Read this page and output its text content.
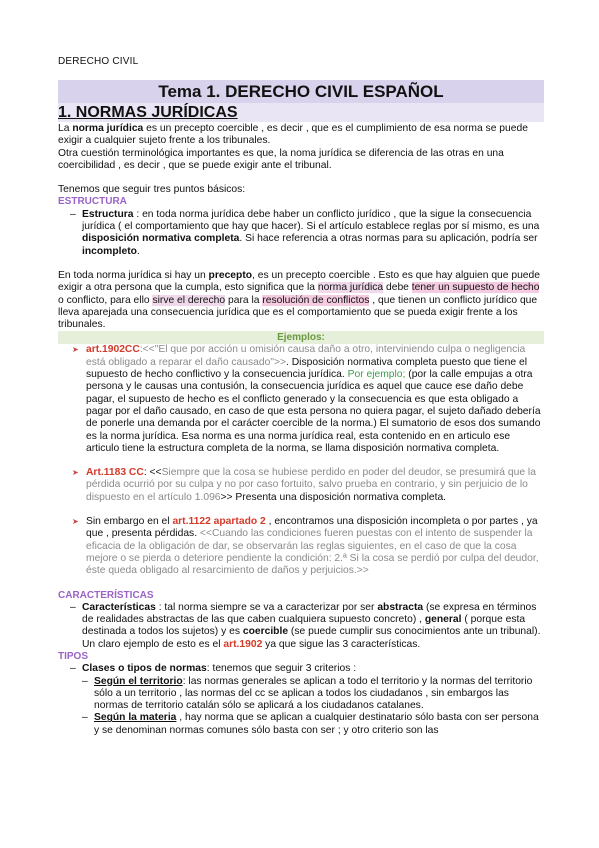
DERECHO CIVIL
Tema 1. DERECHO CIVIL ESPAÑOL
1. NORMAS JURÍDICAS

La norma jurídica es un precepto coercible , es decir , que es el cumplimiento de esa norma se puede exigir a cualquier sujeto frente a los tribunales.

Otra cuestión terminológica importantes es que, la noma jurídica se diferencia de las otras en una coercibilidad , es decir , que se puede exigir ante el tribunal.

Tenemos que seguir tres puntos básicos:

ESTRUCTURA
– Estructura : en toda norma jurídica debe haber un conflicto jurídico , que la sigue la consecuencia jurídica ( el comportamiento que hay que hacer). Si el artículo establece reglas por sí mismo, es una disposición normativa completa. Si hace referencia a otras normas para su aplicación, podría ser incompleto.

En toda norma jurídica si hay un precepto, es un precepto coercible . Esto es que hay alguien que puede exigir a otra persona que la cumpla, esto significa que la norma jurídica debe tener un supuesto de hecho o conflicto, para ello sirve el derecho para la resolución de conflictos , que tienen un conflicto jurídico que lleva aparejada una consecuencia jurídica que es el comportamiento que se pueda exigir frente a los tribunales.

Ejemplos:
➤ art.1902CC:<<"El que por acción u omisión causa daño a otro, interviniendo culpa o negligencia está obligado a reparar el daño causado">>. Disposición normativa completa puesto que tiene el supuesto de hecho conflictivo y la consecuencia jurídica. Por ejemplo; (por la calle empujas a otra persona y le causas una contusión, la consecuencia jurídica es aquel que cauce ese daño debe pagar, el supuesto de hecho es el conflicto generado y la consecuencia es que esta obligado a pagar por el daño causado, en caso de que esta persona no quiera pagar, el sujeto dañado debería de ponerle una demanda por el carácter coercible de la norma.) El sumatorio de esos dos sumando es la norma jurídica. Esa norma es una norma jurídica real, esta contenido en en articulo ese articulo tiene la estructura completa de la norma, se llama disposición normativa completa.
➤ Art.1183 CC: <<Siempre que la cosa se hubiese perdido en poder del deudor, se presumirá que la pérdida ocurrió por su culpa y no por caso fortuito, salvo prueba en contrario, y sin perjuicio de lo dispuesto en el artículo 1.096>> Presenta una disposición normativa completa.
➤ Sin embargo en el art.1122 apartado 2 , encontramos una disposición incompleta o por partes , ya que , presenta pérdidas. <<Cuando las condiciones fueren puestas con el intento de suspender la eficacia de la obligación de dar, se observarán las reglas siguientes, en el caso de que la cosa mejore o se pierda o deteriore pendiente la condición: 2.ª Si la cosa se perdió por culpa del deudor, éste queda obligado al resarcimiento de daños y perjuicios.>>
CARACTERÍSTICAS
– Características : tal norma siempre se va a caracterizar por ser abstracta (se expresa en términos de realidades abstractas de las que caben cualquiera supuesto concreto) , general ( porque esta destinada a todos los sujetos) y es coercible (se puede cumplir sus conocimientos ante un tribunal). Un claro ejemplo de esto es el art.1902 ya que sigue las 3 características.
TIPOS
– Clases o tipos de normas: tenemos que seguir 3 criterios :
– Según el territorio: las normas generales se aplican a todo el territorio y la normas del territorio sólo a un territorio , las normas del cc se aplican a todos los ciudadanos , sin embargos las normas de territorio catalán sólo se aplicará a los ciudadanos catalanes.
– Según la materia , hay norma que se aplican a cualquier destinatario sólo basta con ser persona y se denominan normas comunes sólo basta con ser ; y otro criterio son las
